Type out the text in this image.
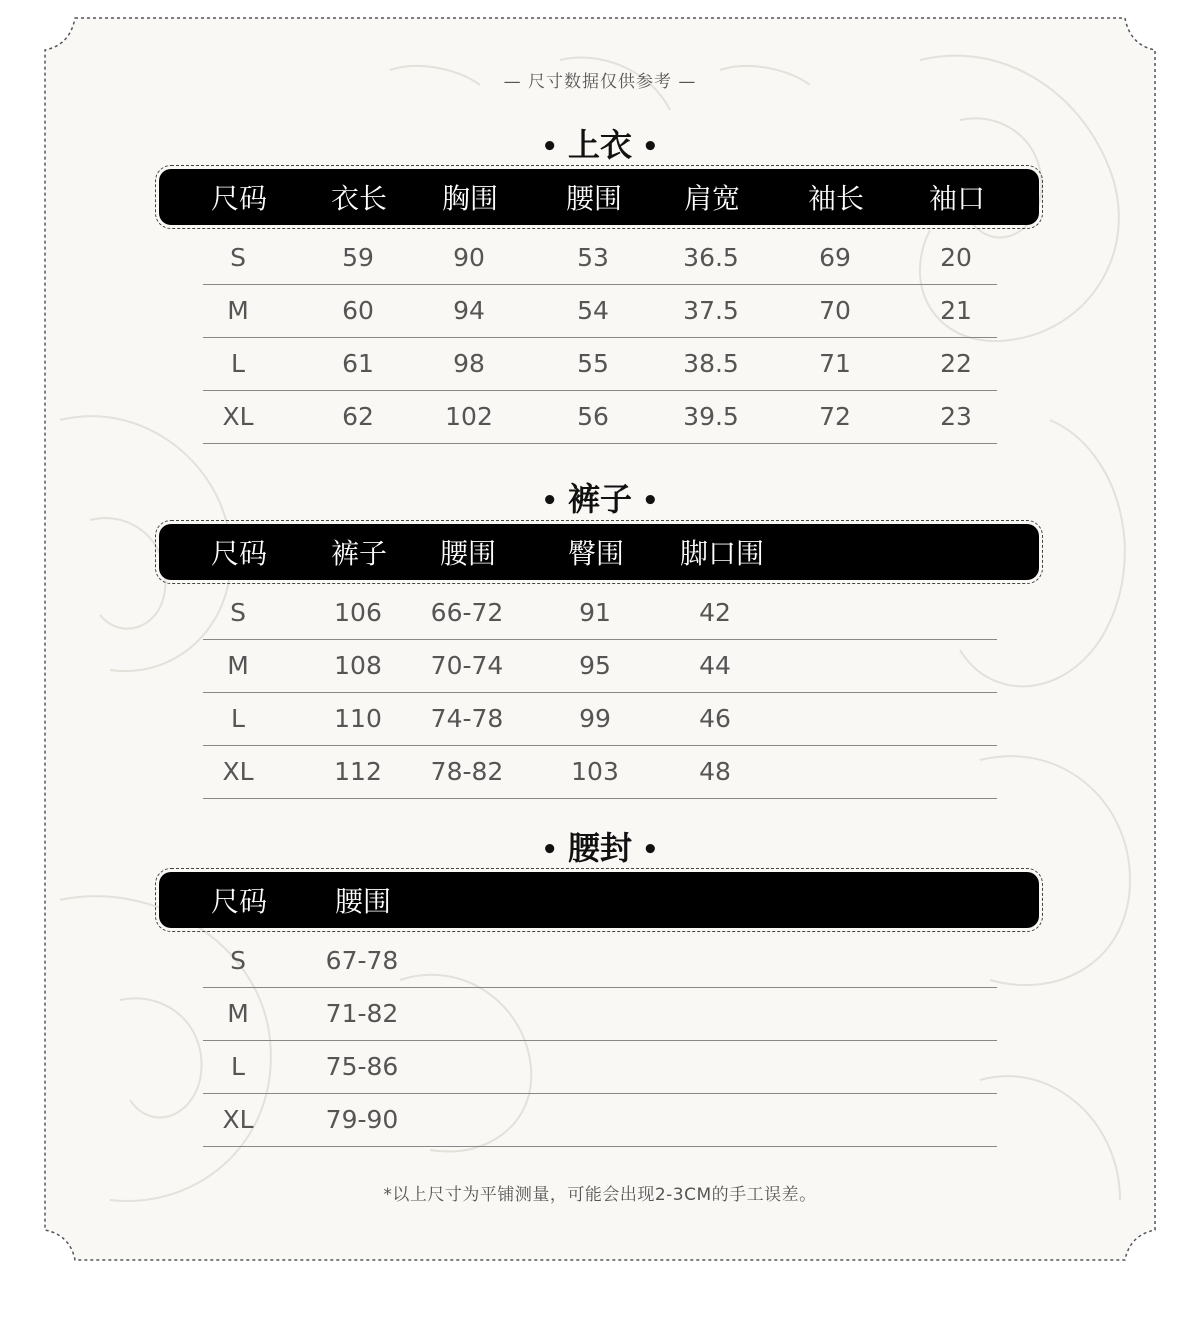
— 尺寸数据仅供参考 —
• 上衣 •
尺码 衣长 胸围 腰围 肩宽 袖长 袖口
S	59	90	53	36.5	69	20
M	60	94	54	37.5	70	21
L	61	98	55	38.5	71	22
XL	62	102	56	39.5	72	23
• 裤子 •
尺码 裤子 腰围	臀围 脚口围
S	106 66-72	91	42
M	108 70-74	95	44
L	110 74-78	99	46
XL	112 78-82	103	48
• 腰封 •
尺码 腰围
S	67-78
M	71-82
L	75-86
XL	79-90
*以上尺寸为平铺测量，可能会出现2-3CM的手工误差。
